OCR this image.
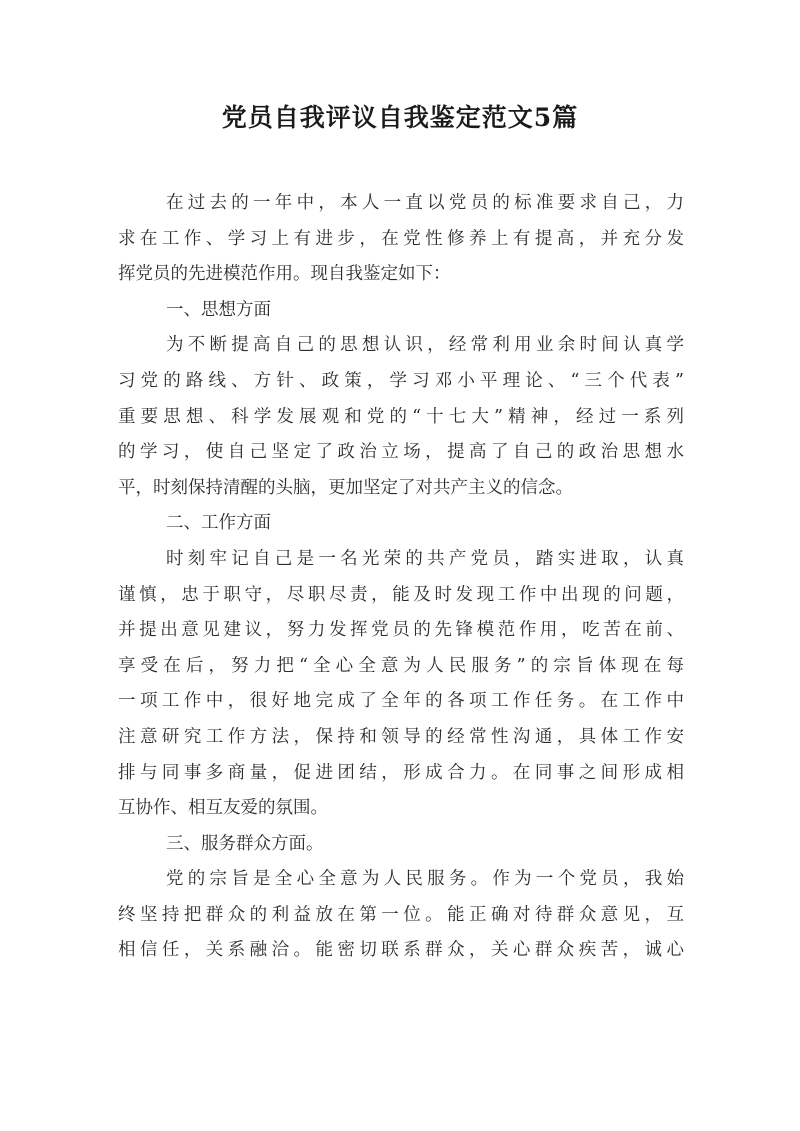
党员自我评议自我鉴定范文5篇
在过去的一年中，本人一直以党员的标准要求自己，力
求在工作、学习上有进步，在党性修养上有提高，并充分发
挥党员的先进模范作用。现自我鉴定如下：
一、思想方面
为不断提高自己的思想认识，经常利用业余时间认真学
习党的路线、方针、政策，学习邓小平理论、“三个代表”
重要思想、科学发展观和党的“十七大”精神，经过一系列
的学习，使自己坚定了政治立场，提高了自己的政治思想水
平，时刻保持清醒的头脑，更加坚定了对共产主义的信念。
二、工作方面
时刻牢记自己是一名光荣的共产党员，踏实进取，认真
谨慎，忠于职守，尽职尽责，能及时发现工作中出现的问题，
并提出意见建议，努力发挥党员的先锋模范作用，吃苦在前、
享受在后，努力把“全心全意为人民服务”的宗旨体现在每
一项工作中，很好地完成了全年的各项工作任务。在工作中
注意研究工作方法，保持和领导的经常性沟通，具体工作安
排与同事多商量，促进团结，形成合力。在同事之间形成相
互协作、相互友爱的氛围。
三、服务群众方面。
党的宗旨是全心全意为人民服务。作为一个党员，我始
终坚持把群众的利益放在第一位。能正确对待群众意见，互
相信任，关系融洽。能密切联系群众，关心群众疾苦，诚心
